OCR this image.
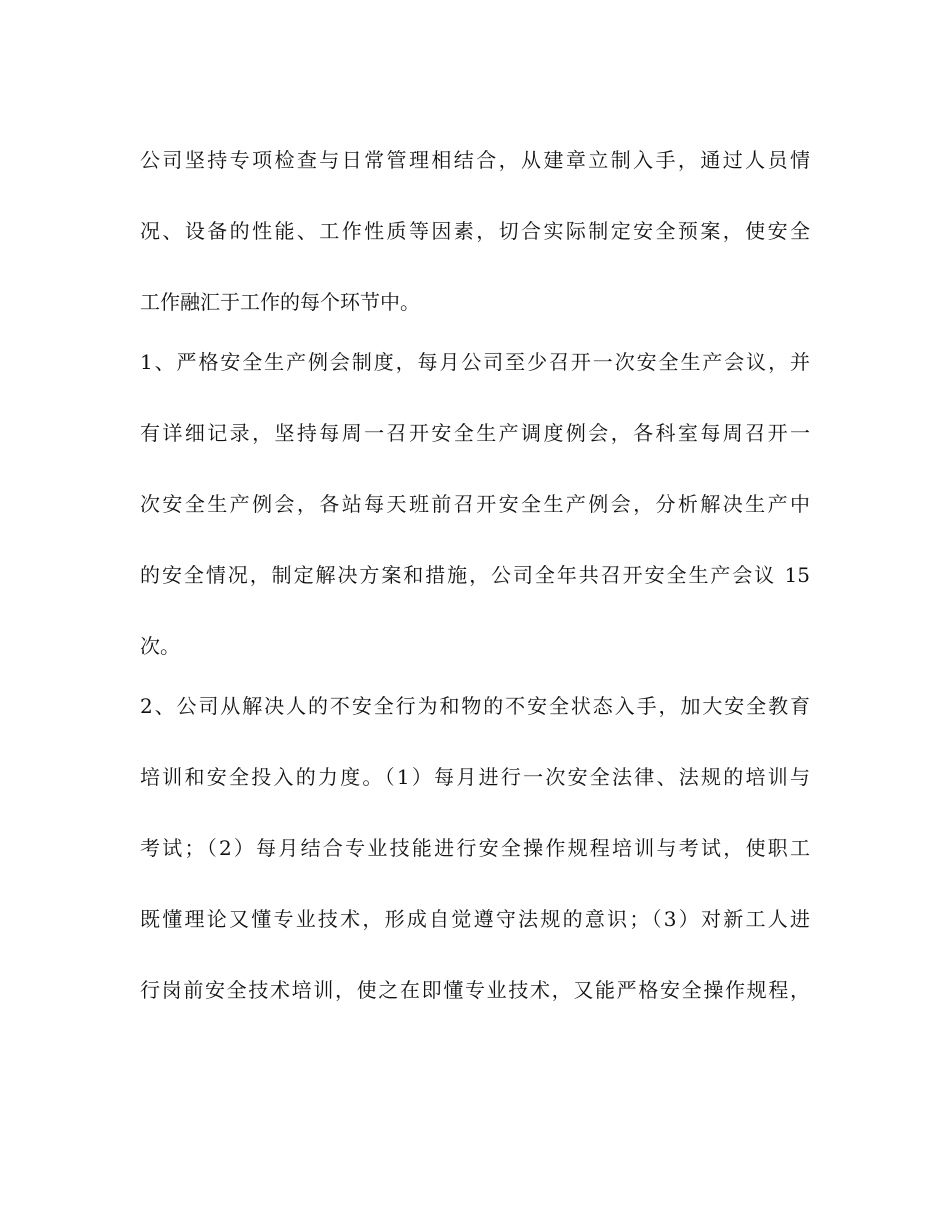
公司坚持专项检查与日常管理相结合，从建章立制入手，通过人员情
况、设备的性能、工作性质等因素，切合实际制定安全预案，使安全
工作融汇于工作的每个环节中。
1、严格安全生产例会制度，每月公司至少召开一次安全生产会议，并
有详细记录，坚持每周一召开安全生产调度例会，各科室每周召开一
次安全生产例会，各站每天班前召开安全生产例会，分析解决生产中
的安全情况，制定解决方案和措施，公司全年共召开安全生产会议 15
次。
2、公司从解决人的不安全行为和物的不安全状态入手，加大安全教育
培训和安全投入的力度。（1）每月进行一次安全法律、法规的培训与
考试；（2）每月结合专业技能进行安全操作规程培训与考试，使职工
既懂理论又懂专业技术，形成自觉遵守法规的意识；（3）对新工人进
行岗前安全技术培训，使之在即懂专业技术，又能严格安全操作规程，
